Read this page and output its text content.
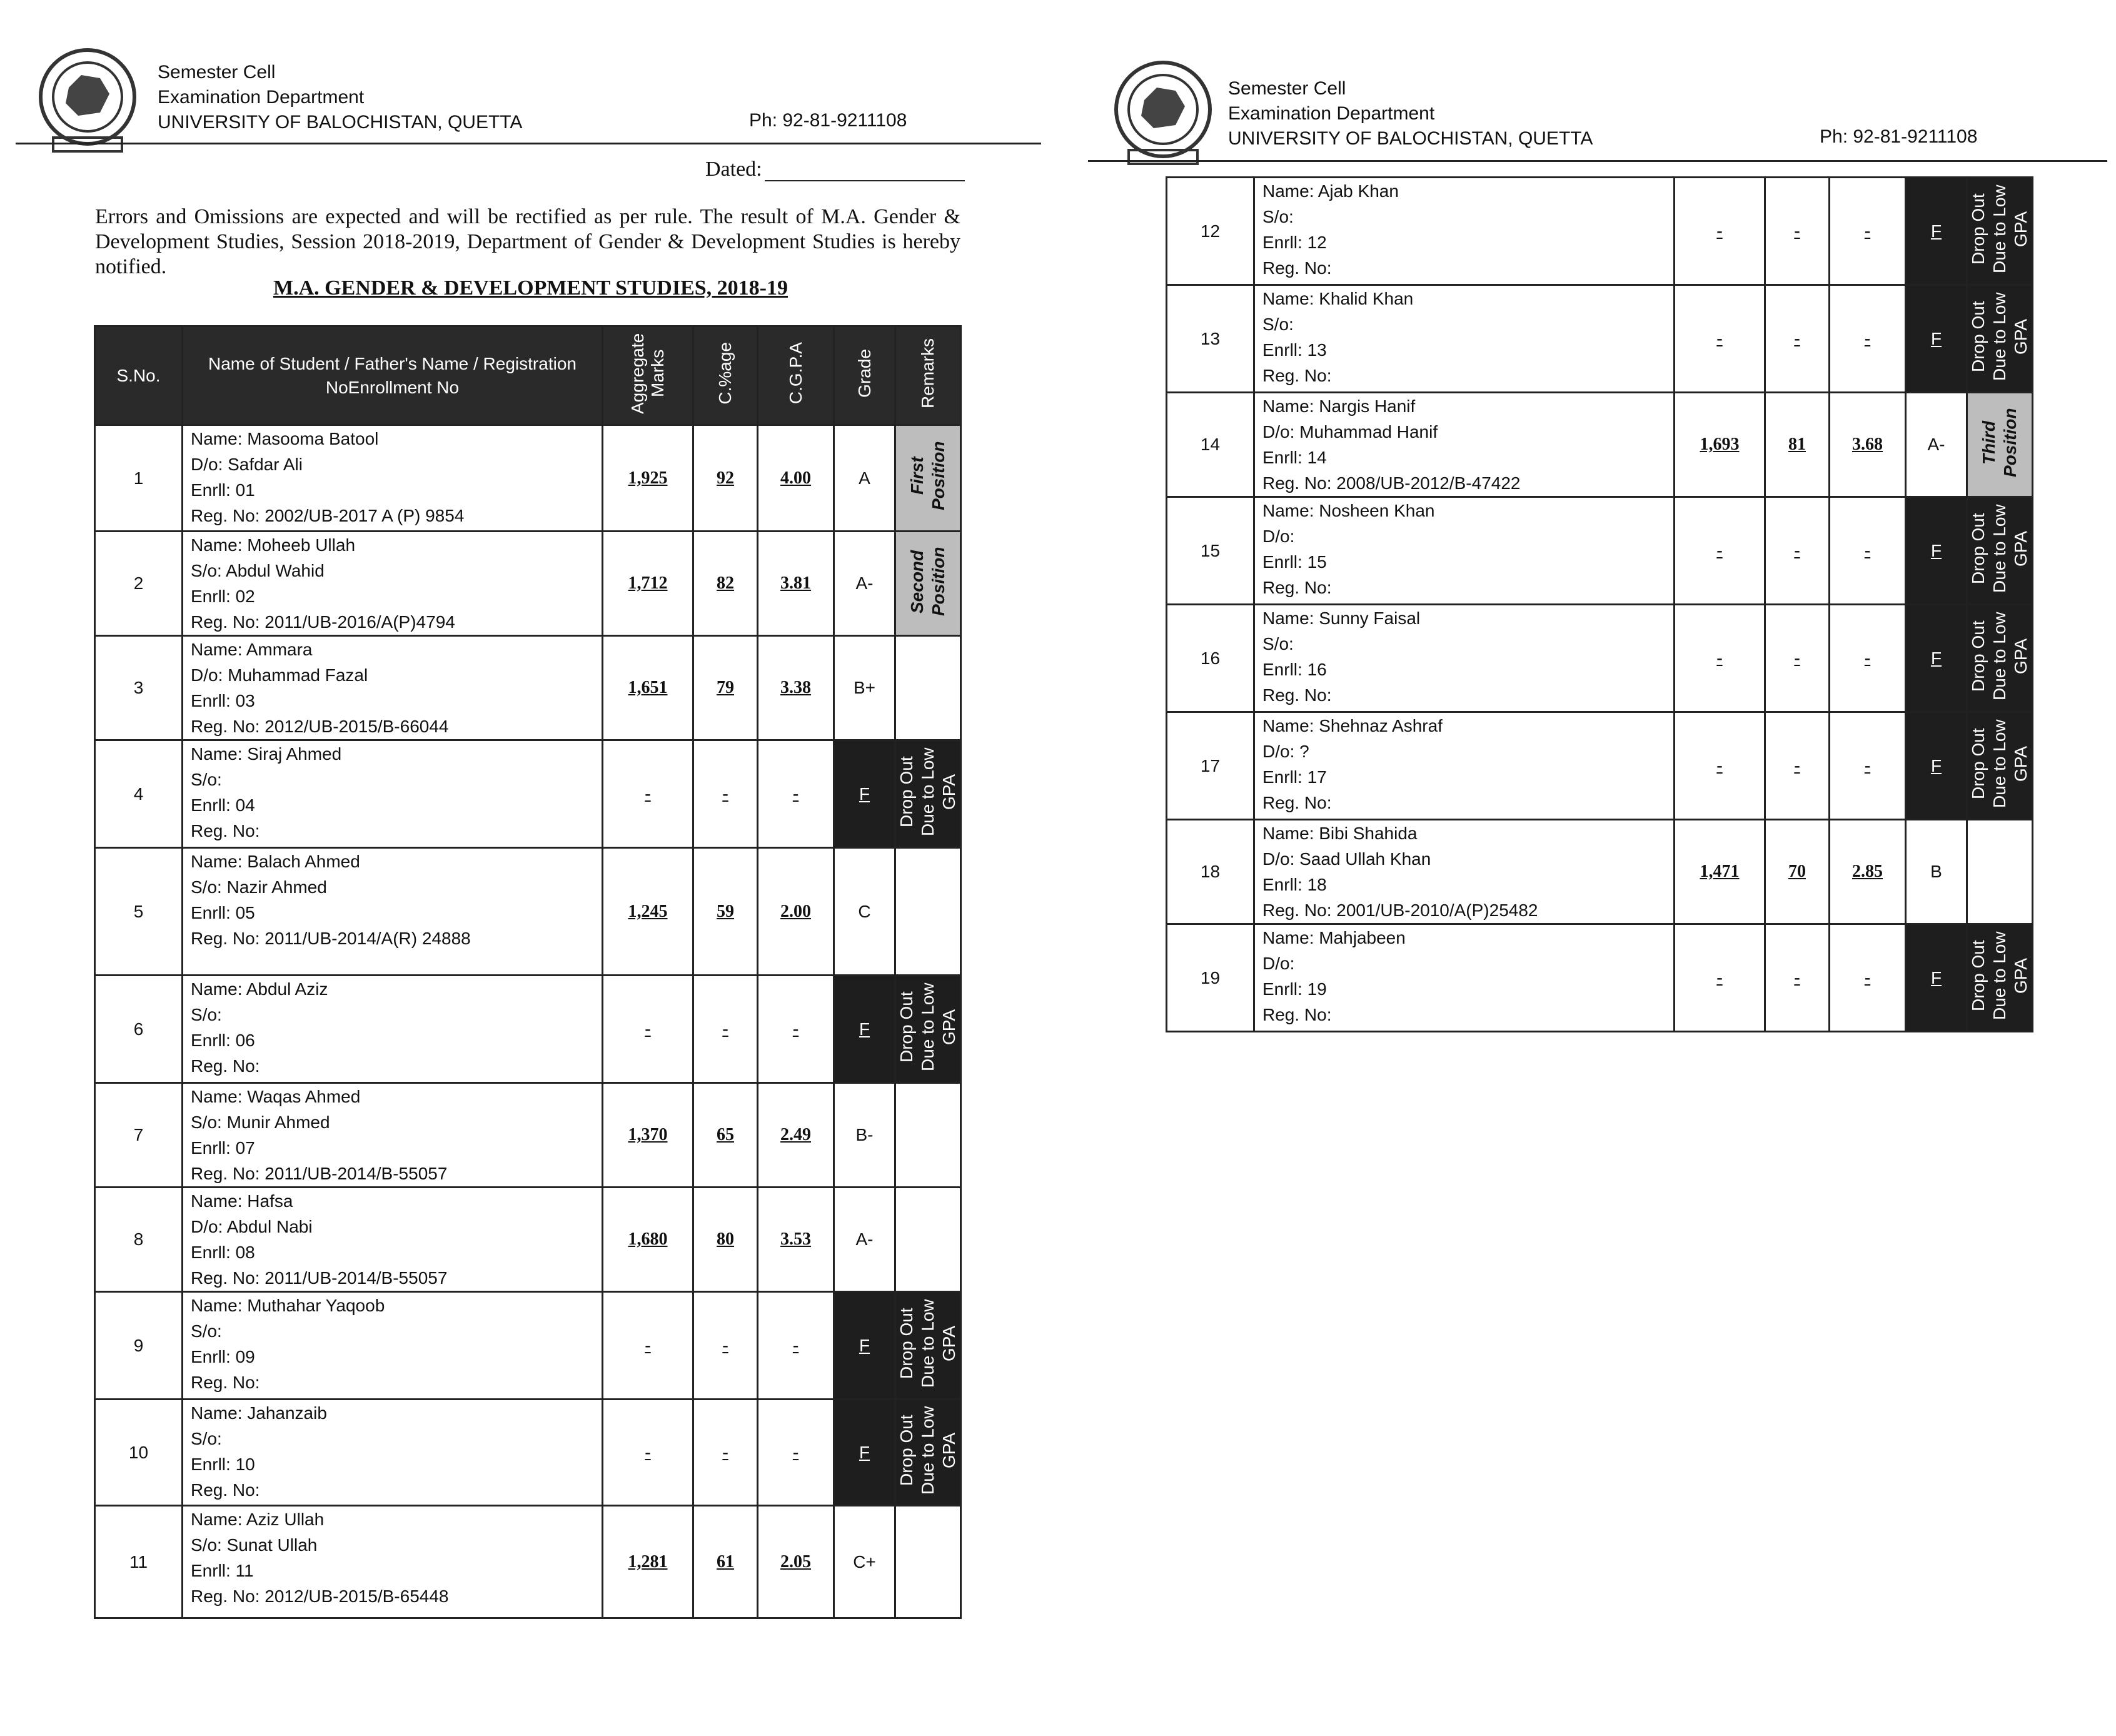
Semester Cell
Examination Department
UNIVERSITY OF BALOCHISTAN, QUETTA	Ph: 92-81-9211108
Dated:
Errors and Omissions are expected and will be rectified as per rule. The result of M.A. Gender & Development Studies, Session 2018-2019, Department of Gender & Development Studies is hereby notified.
M.A. GENDER & DEVELOPMENT STUDIES, 2018-19
S.No.	Name of Student / Father's Name / Registration NoEnrollment No	Aggregate Marks	C.%age	C.G.P.A	Grade	Remarks
1	Name: Masooma Batool
D/o: Safdar Ali
Enrll: 01
Reg. No: 2002/UB-2017 A (P) 9854	1,925	92	4.00	A	First Position
2	Name: Moheeb Ullah
S/o: Abdul Wahid
Enrll: 02
Reg. No: 2011/UB-2016/A(P)4794	1,712	82	3.81	A-	Second Position
3	Name: Ammara
D/o: Muhammad Fazal
Enrll: 03
Reg. No: 2012/UB-2015/B-66044	1,651	79	3.38	B+	
4	Name: Siraj Ahmed
S/o:
Enrll: 04
Reg. No:	-	-	-	F	Drop Out Due to Low GPA
5	Name: Balach Ahmed
S/o: Nazir Ahmed
Enrll: 05
Reg. No: 2011/UB-2014/A(R) 24888	1,245	59	2.00	C	
6	Name: Abdul Aziz
S/o:
Enrll: 06
Reg. No:	-	-	-	F	Drop Out Due to Low GPA
7	Name: Waqas Ahmed
S/o: Munir Ahmed
Enrll: 07
Reg. No: 2011/UB-2014/B-55057	1,370	65	2.49	B-	
8	Name: Hafsa
D/o: Abdul Nabi
Enrll: 08
Reg. No: 2011/UB-2014/B-55057	1,680	80	3.53	A-	
9	Name: Muthahar Yaqoob
S/o:
Enrll: 09
Reg. No:	-	-	-	F	Drop Out Due to Low GPA
10	Name: Jahanzaib
S/o:
Enrll: 10
Reg. No:	-	-	-	F	Drop Out Due to Low GPA
11	Name: Aziz Ullah
S/o: Sunat Ullah
Enrll: 11
Reg. No: 2012/UB-2015/B-65448	1,281	61	2.05	C+	
Semester Cell
Examination Department
UNIVERSITY OF BALOCHISTAN, QUETTA	Ph: 92-81-9211108
12	Name: Ajab Khan
S/o:
Enrll: 12
Reg. No:	-	-	-	F	Drop Out Due to Low GPA
13	Name: Khalid Khan
S/o:
Enrll: 13
Reg. No:	-	-	-	F	Drop Out Due to Low GPA
14	Name: Nargis Hanif
D/o: Muhammad Hanif
Enrll: 14
Reg. No: 2008/UB-2012/B-47422	1,693	81	3.68	A-	Third Position
15	Name: Nosheen Khan
D/o:
Enrll: 15
Reg. No:	-	-	-	F	Drop Out Due to Low GPA
16	Name: Sunny Faisal
S/o:
Enrll: 16
Reg. No:	-	-	-	F	Drop Out Due to Low GPA
17	Name: Shehnaz Ashraf
D/o: ?
Enrll: 17
Reg. No:	-	-	-	F	Drop Out Due to Low GPA
18	Name: Bibi Shahida
D/o: Saad Ullah Khan
Enrll: 18
Reg. No: 2001/UB-2010/A(P)25482	1,471	70	2.85	B	
19	Name: Mahjabeen
D/o:
Enrll: 19
Reg. No:	-	-	-	F	Drop Out Due to Low GPA
